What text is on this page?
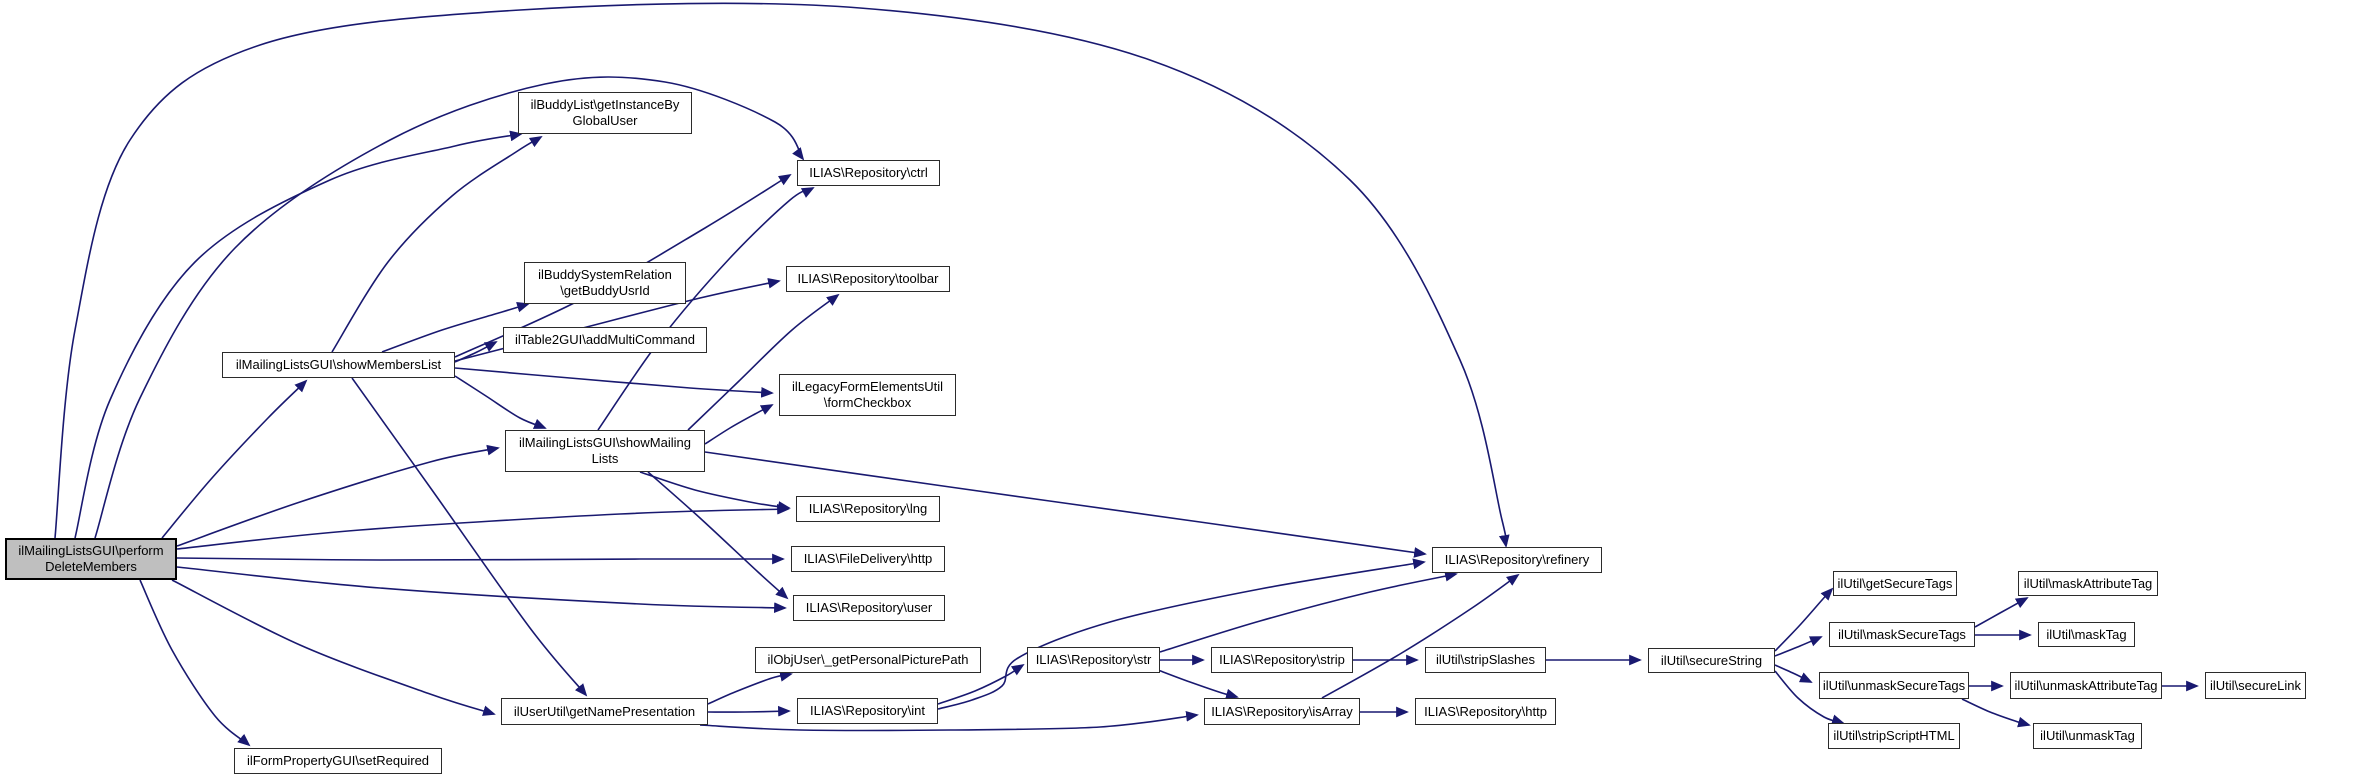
ilMailingListsGUI\perform
DeleteMembers
ilMailingListsGUI\showMembersList
ilBuddyList\getInstanceBy
GlobalUser
ILIAS\Repository\ctrl
ilBuddySystemRelation
\getBuddyUsrId
ILIAS\Repository\toolbar
ilTable2GUI\addMultiCommand
ilLegacyFormElementsUtil
\formCheckbox
ilMailingListsGUI\showMailing
Lists
ILIAS\Repository\lng
ILIAS\FileDelivery\http
ILIAS\Repository\user
ILIAS\Repository\refinery
ilObjUser\_getPersonalPicturePath
ilUserUtil\getNamePresentation	ILIAS\Repository\int
ILIAS\Repository\str	ILIAS\Repository\strip
ILIAS\Repository\isArray
ilUtil\stripSlashes
ILIAS\Repository\http
ilUtil\secureString
ilUtil\getSecureTags
ilUtil\maskSecureTags
ilUtil\unmaskSecureTags
ilUtil\stripScriptHTML
ilUtil\maskAttributeTag
ilUtil\maskTag
ilUtil\unmaskAttributeTag
ilUtil\unmaskTag
ilUtil\secureLink
ilFormPropertyGUI\setRequired
